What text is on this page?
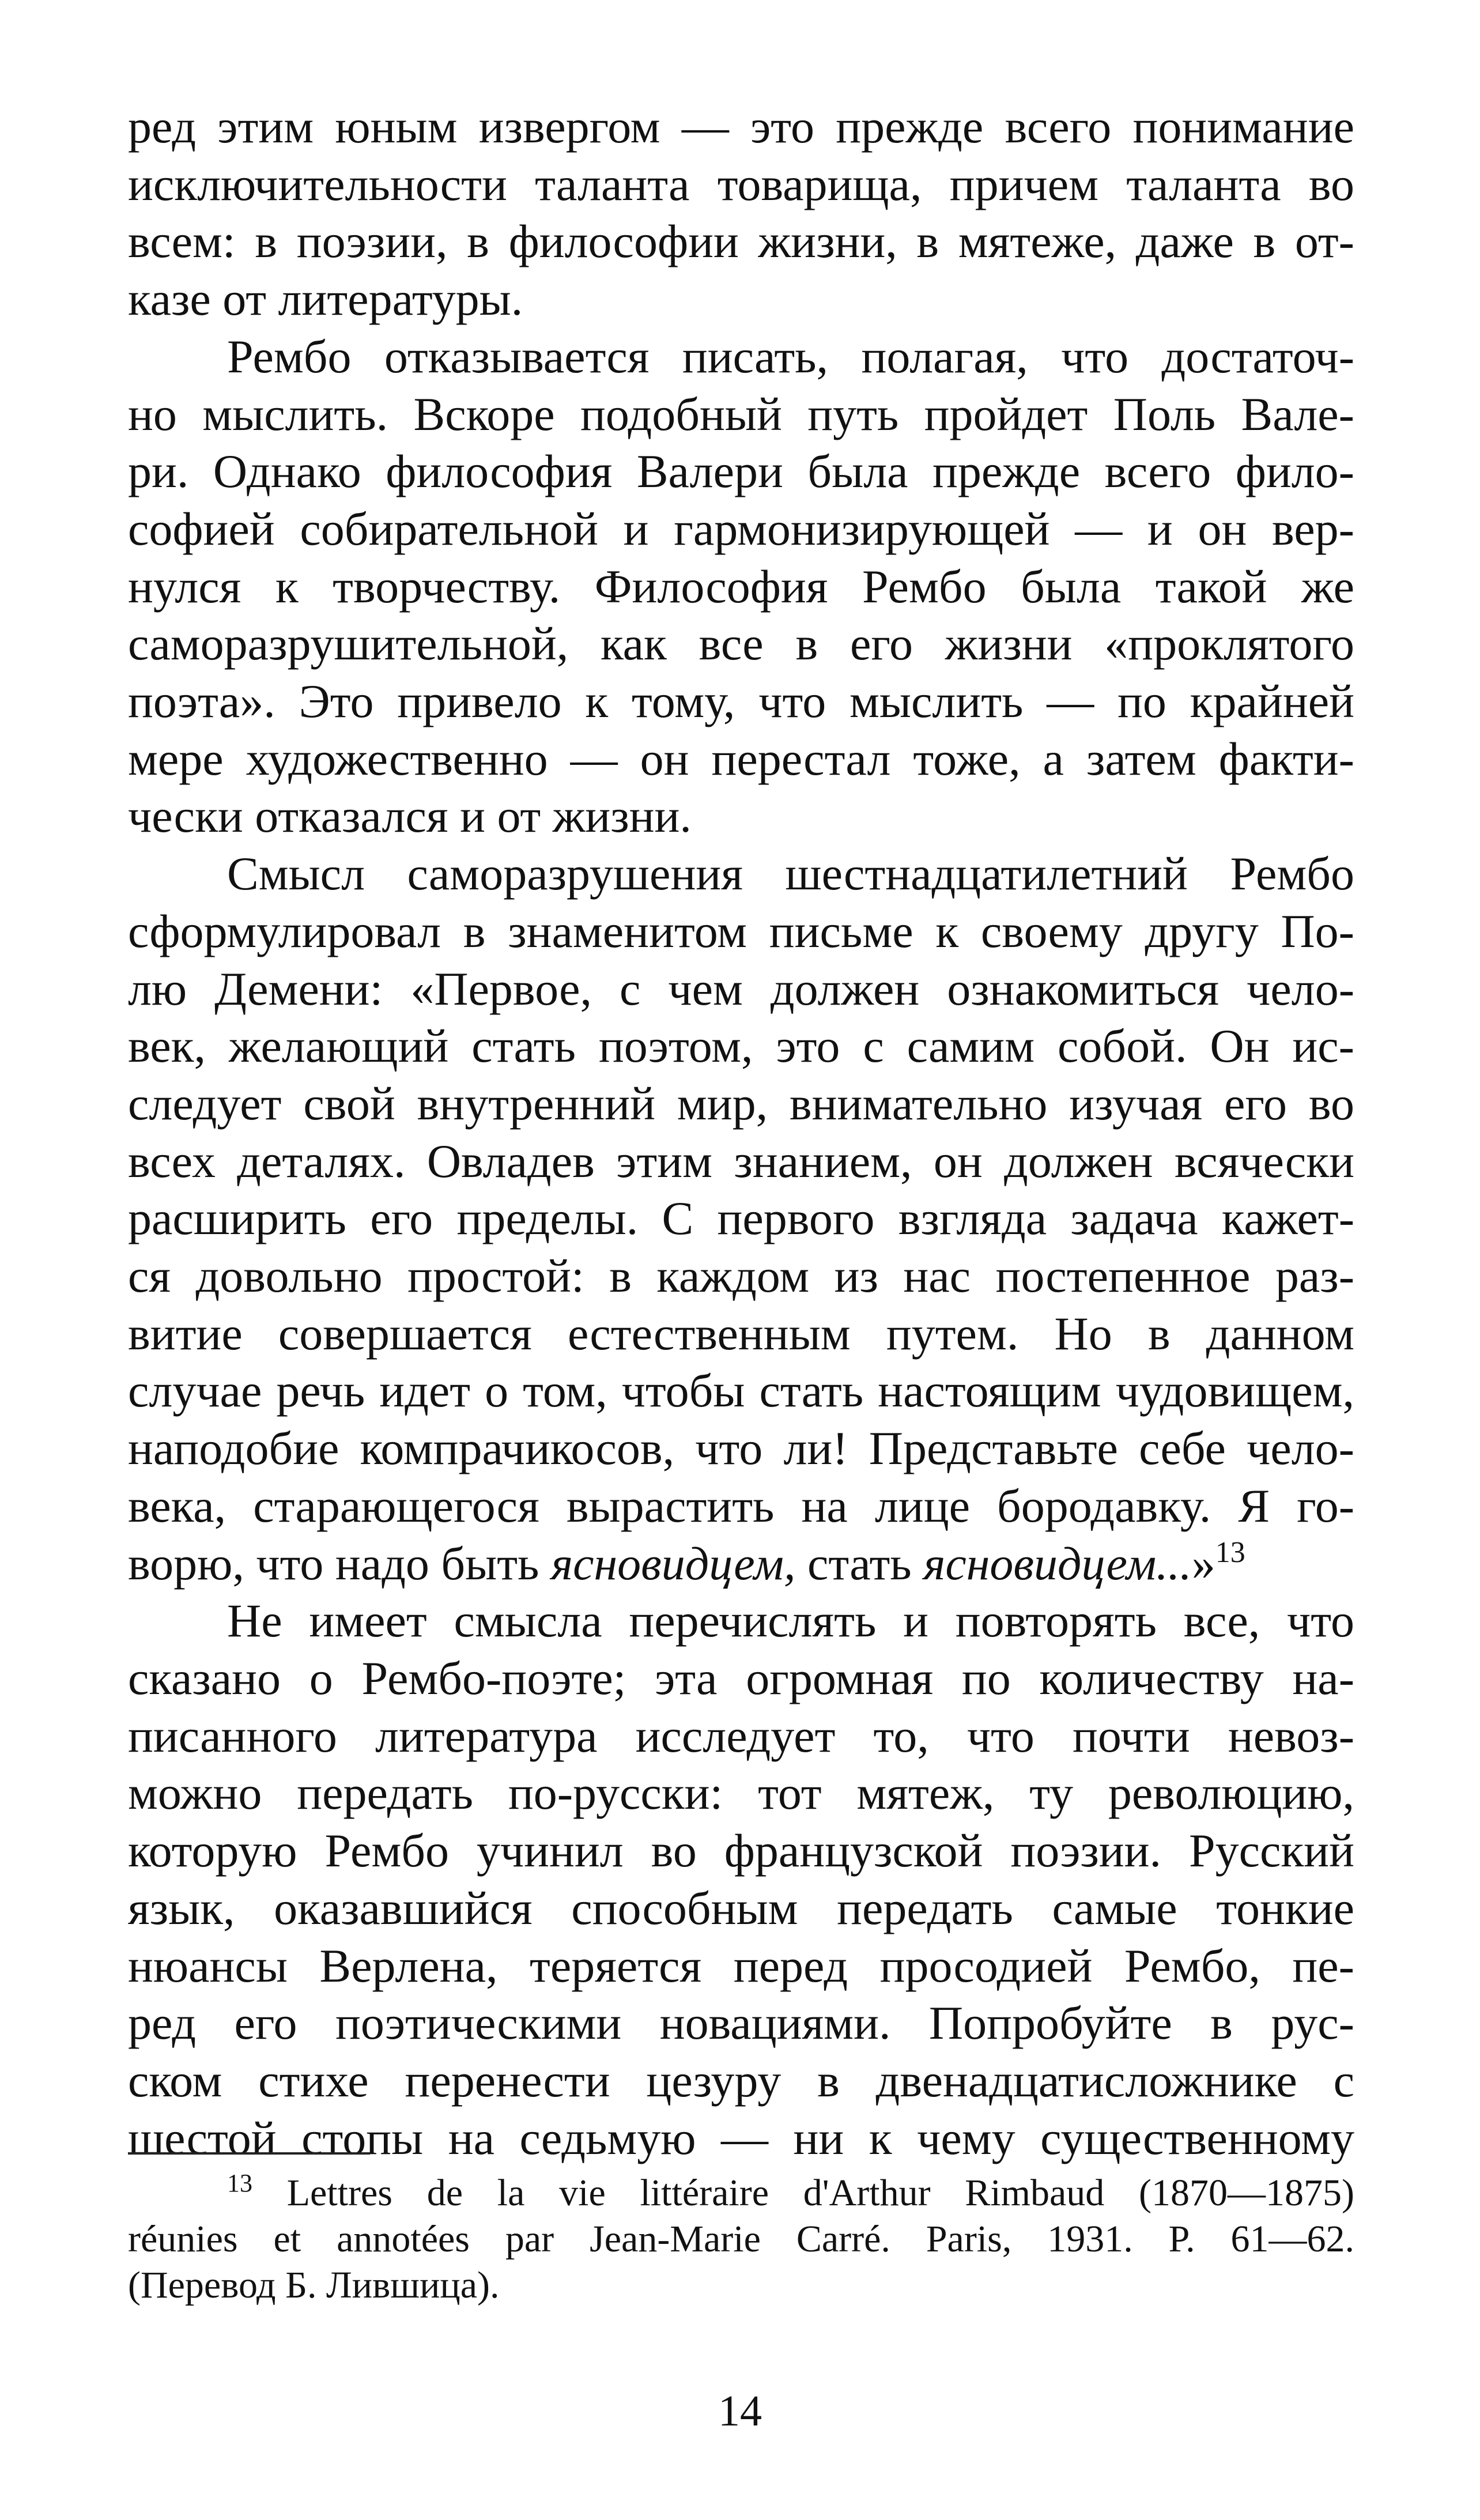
ред этим юным извергом — это прежде всего понимание
исключительности таланта товарища, причем таланта во
всем: в поэзии, в философии жизни, в мятеже, даже в от-
казе от литературы.

Рембо отказывается писать, полагая, что достаточ-
но мыслить. Вскоре подобный путь пройдет Поль Вале-
ри. Однако философия Валери была прежде всего фило-
софией собирательной и гармонизирующей — и он вер-
нулся к творчеству. Философия Рембо была такой же
саморазрушительной, как все в его жизни «проклятого
поэта». Это привело к тому, что мыслить — по крайней
мере художественно — он перестал тоже, а затем факти-
чески отказался и от жизни.

Смысл саморазрушения шестнадцатилетний Рембо
сформулировал в знаменитом письме к своему другу По-
лю Демени: «Первое, с чем должен ознакомиться чело-
век, желающий стать поэтом, это с самим собой. Он ис-
следует свой внутренний мир, внимательно изучая его во
всех деталях. Овладев этим знанием, он должен всячески
расширить его пределы. С первого взгляда задача кажет-
ся довольно простой: в каждом из нас постепенное раз-
витие совершается естественным путем. Но в данном
случае речь идет о том, чтобы стать настоящим чудовищем,
наподобие компрачикосов, что ли! Представьте себе чело-
века, старающегося вырастить на лице бородавку. Я го-
ворю, что надо быть ясновидцем, стать ясновидцем...»$^{13}$

Не имеет смысла перечислять и повторять все, что
сказано о Рембо-поэте; эта огромная по количеству на-
писанного литература исследует то, что почти невоз-
можно передать по-русски: тот мятеж, ту революцию,
которую Рембо учинил во французской поэзии. Русский
язык, оказавшийся способным передать самые тонкие
нюансы Верлена, теряется перед просодией Рембо, пе-
ред его поэтическими новациями. Попробуйте в рус-
ском стихе перенести цезуру в двенадцатисложнике с
шестой стопы на седьмую — ни к чему существенному

$^{13}$ Lettres de la vie littéraire d'Arthur Rimbaud (1870—1875)
réunies et annotées par Jean-Marie Carré. Paris, 1931. P. 61—62.
(Перевод Б. Лившица).
14
